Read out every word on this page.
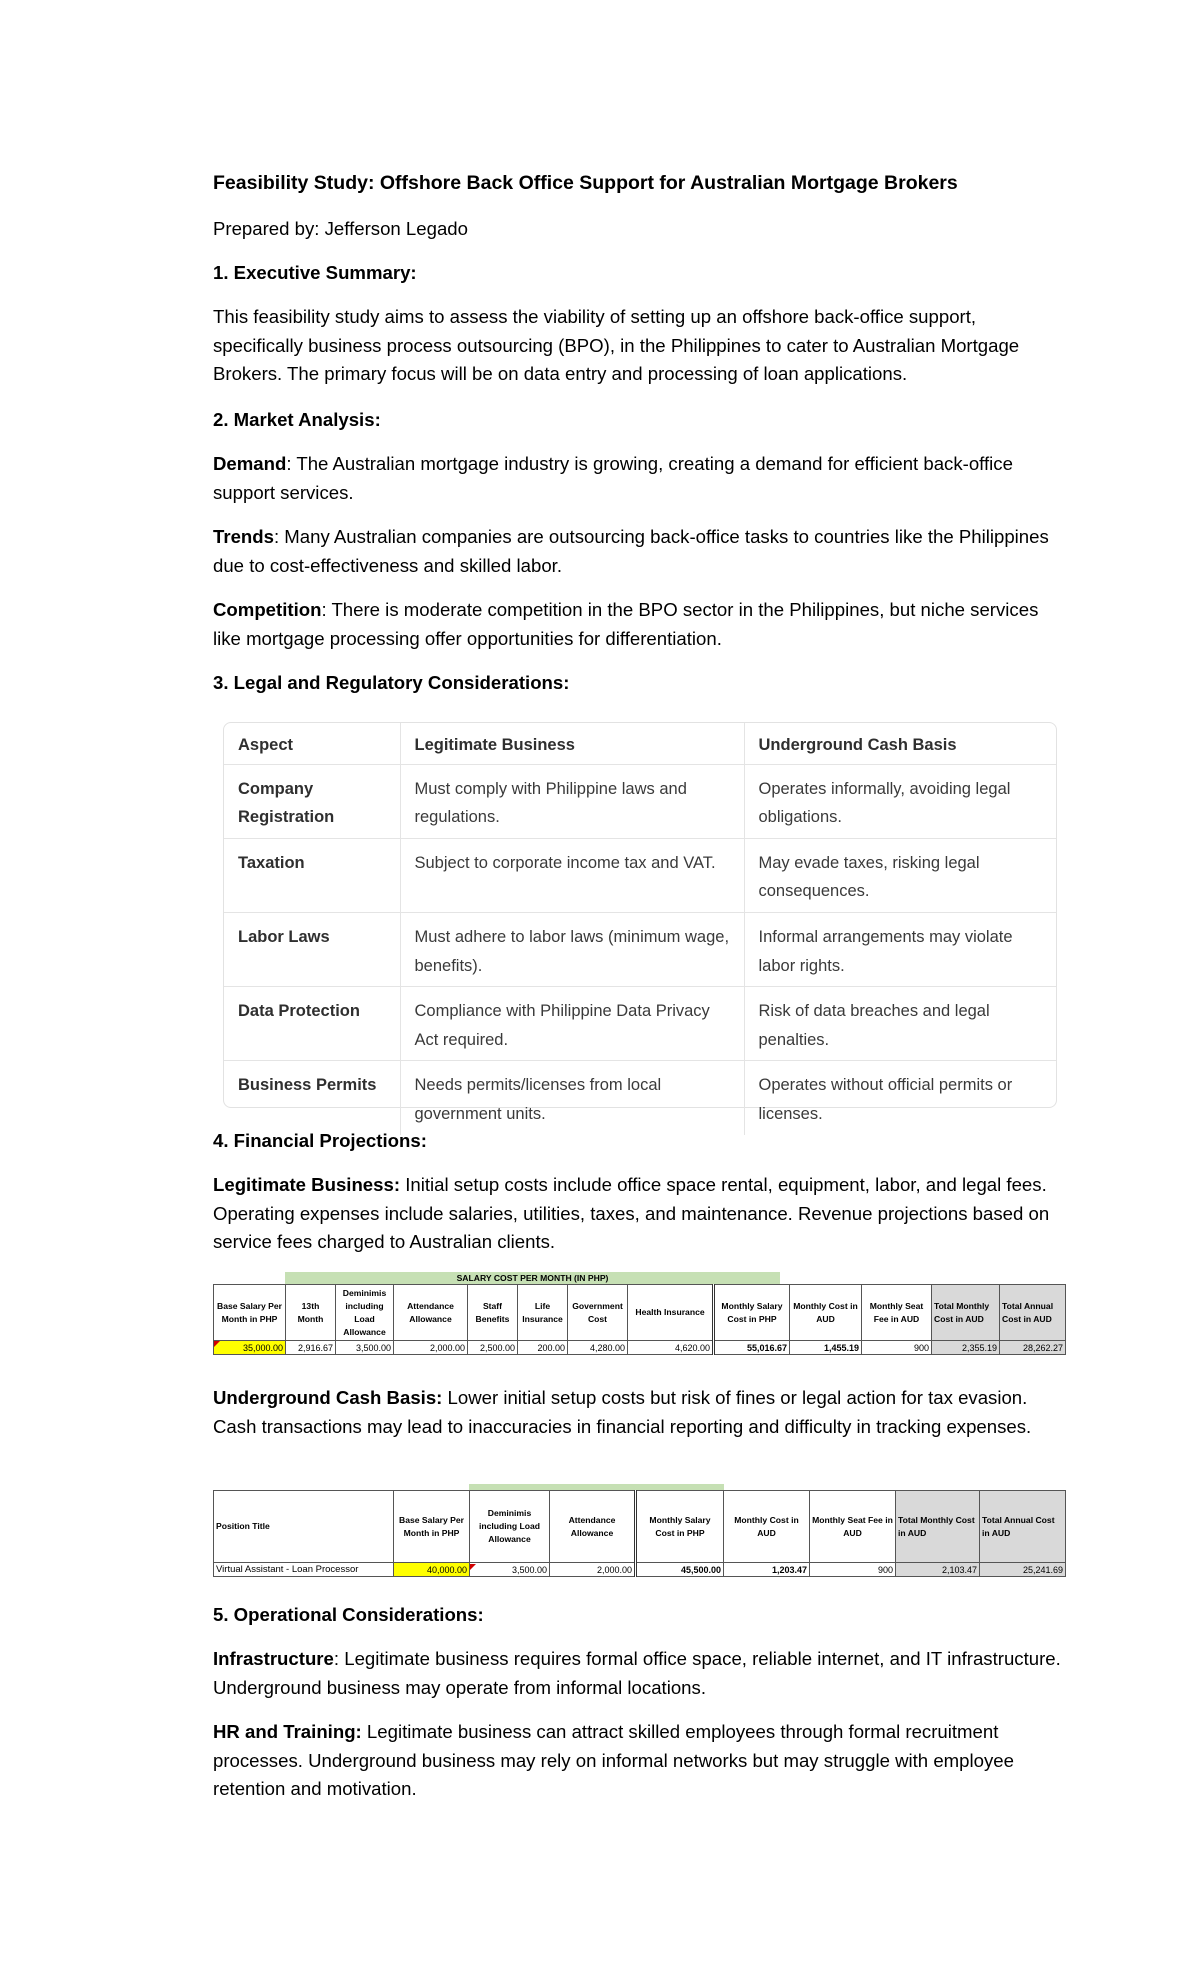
Feasibility Study: Offshore Back Office Support for Australian Mortgage Brokers

Prepared by: Jefferson Legado

1. Executive Summary:

This feasibility study aims to assess the viability of setting up an offshore back-office support, specifically business process outsourcing (BPO), in the Philippines to cater to Australian Mortgage Brokers. The primary focus will be on data entry and processing of loan applications.

2. Market Analysis:

Demand: The Australian mortgage industry is growing, creating a demand for efficient back-office support services.

Trends: Many Australian companies are outsourcing back-office tasks to countries like the Philippines due to cost-effectiveness and skilled labor.

Competition: There is moderate competition in the BPO sector in the Philippines, but niche services like mortgage processing offer opportunities for differentiation.

3. Legal and Regulatory Considerations:

Aspect	Legitimate Business	Underground Cash Basis
Company Registration	Must comply with Philippine laws and regulations.	Operates informally, avoiding legal obligations.
Taxation	Subject to corporate income tax and VAT.	May evade taxes, risking legal consequences.
Labor Laws	Must adhere to labor laws (minimum wage, benefits).	Informal arrangements may violate labor rights.
Data Protection	Compliance with Philippine Data Privacy Act required.	Risk of data breaches and legal penalties.
Business Permits	Needs permits/licenses from local government units.	Operates without official permits or licenses.

4. Financial Projections:

Legitimate Business: Initial setup costs include office space rental, equipment, labor, and legal fees. Operating expenses include salaries, utilities, taxes, and maintenance. Revenue projections based on service fees charged to Australian clients.

SALARY COST PER MONTH (IN PHP)
Base Salary Per Month in PHP	13th Month	Deminimis including Load Allowance	Attendance Allowance	Staff Benefits	Life Insurance	Government Cost	Health Insurance	Monthly Salary Cost in PHP	Monthly Cost in AUD	Monthly Seat Fee in AUD	Total Monthly Cost in AUD	Total Annual Cost in AUD
35,000.00	2,916.67	3,500.00	2,000.00	2,500.00	200.00	4,280.00	4,620.00	55,016.67	1,455.19	900	2,355.19	28,262.27

Underground Cash Basis: Lower initial setup costs but risk of fines or legal action for tax evasion. Cash transactions may lead to inaccuracies in financial reporting and difficulty in tracking expenses.

Position Title	Base Salary Per Month in PHP	Deminimis including Load Allowance	Attendance Allowance	Monthly Salary Cost in PHP	Monthly Cost in AUD	Monthly Seat Fee in AUD	Total Monthly Cost in AUD	Total Annual Cost in AUD
Virtual Assistant - Loan Processor	40,000.00	3,500.00	2,000.00	45,500.00	1,203.47	900	2,103.47	25,241.69

5. Operational Considerations:

Infrastructure: Legitimate business requires formal office space, reliable internet, and IT infrastructure. Underground business may operate from informal locations.

HR and Training: Legitimate business can attract skilled employees through formal recruitment processes. Underground business may rely on informal networks but may struggle with employee retention and motivation.
